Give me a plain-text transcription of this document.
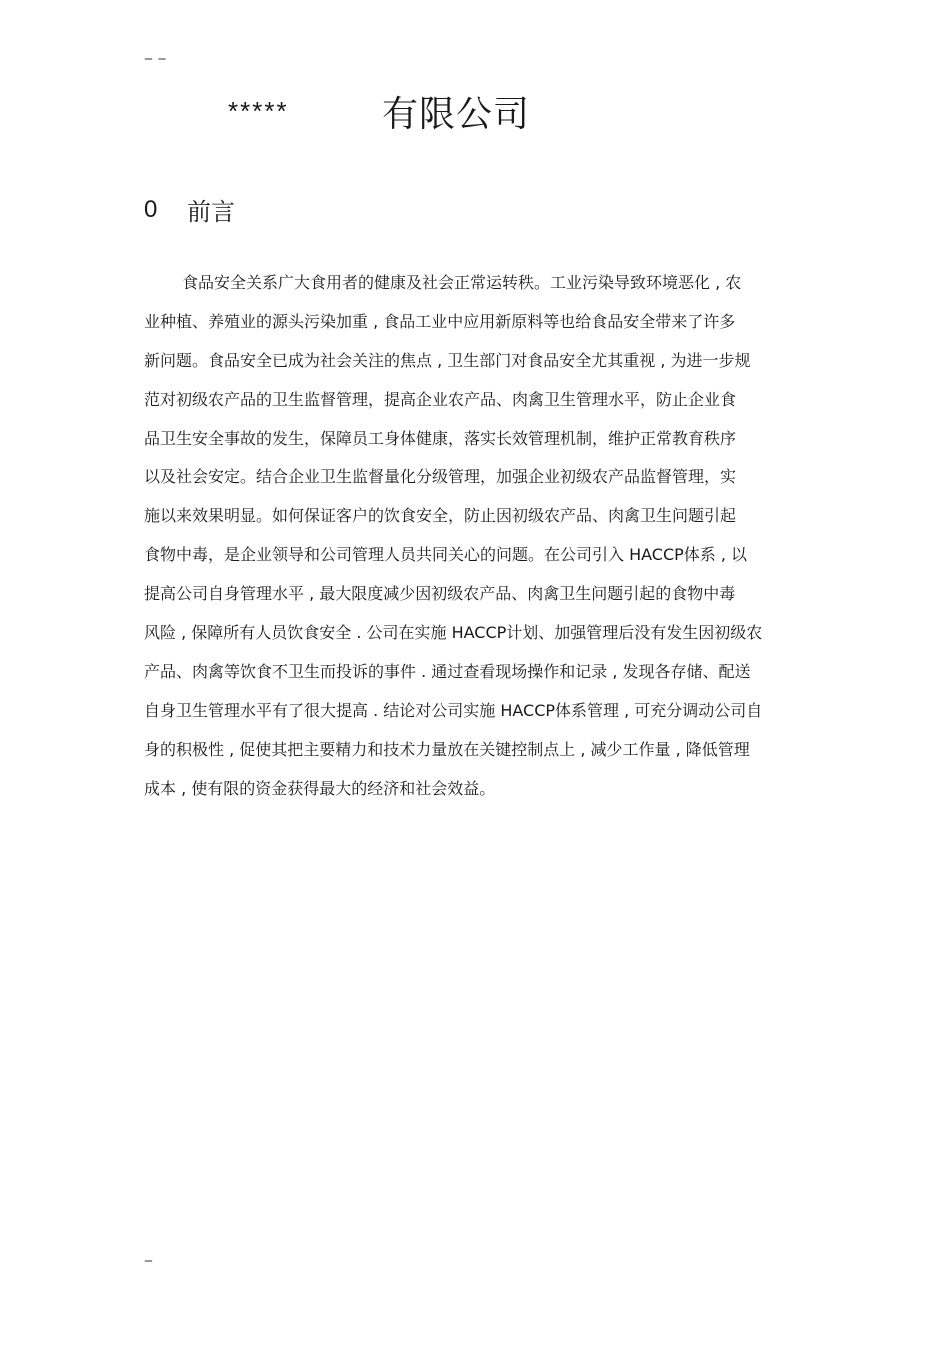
_ _
*****	有限公司
0	前言
食品安全关系广大食用者的健康及社会正常运转秩。工业污染导致环境恶化 , 农
业种植、养殖业的源头污染加重 , 食品工业中应用新原料等也给食品安全带来了许多
新问题。食品安全已成为社会关注的焦点 , 卫生部门对食品安全尤其重视 , 为进一步规
范对初级农产品的卫生监督管理，提高企业农产品、肉禽卫生管理水平，防止企业食
品卫生安全事故的发生，保障员工身体健康，落实长效管理机制，维护正常教育秩序
以及社会安定。结合企业卫生监督量化分级管理，加强企业初级农产品监督管理，实
施以来效果明显。如何保证客户的饮食安全，防止因初级农产品、肉禽卫生问题引起
食物中毒，是企业领导和公司管理人员共同关心的问题。在公司引入 HACCP体系 , 以
提高公司自身管理水平 , 最大限度减少因初级农产品、肉禽卫生问题引起的食物中毒
风险 , 保障所有人员饮食安全 . 公司在实施 HACCP计划、加强管理后没有发生因初级农
产品、肉禽等饮食不卫生而投诉的事件 . 通过查看现场操作和记录 , 发现各存储、配送
自身卫生管理水平有了很大提高 . 结论对公司实施 HACCP体系管理 , 可充分调动公司自
身的积极性 , 促使其把主要精力和技术力量放在关键控制点上 , 减少工作量 , 降低管理
成本 , 使有限的资金获得最大的经济和社会效益。
_
